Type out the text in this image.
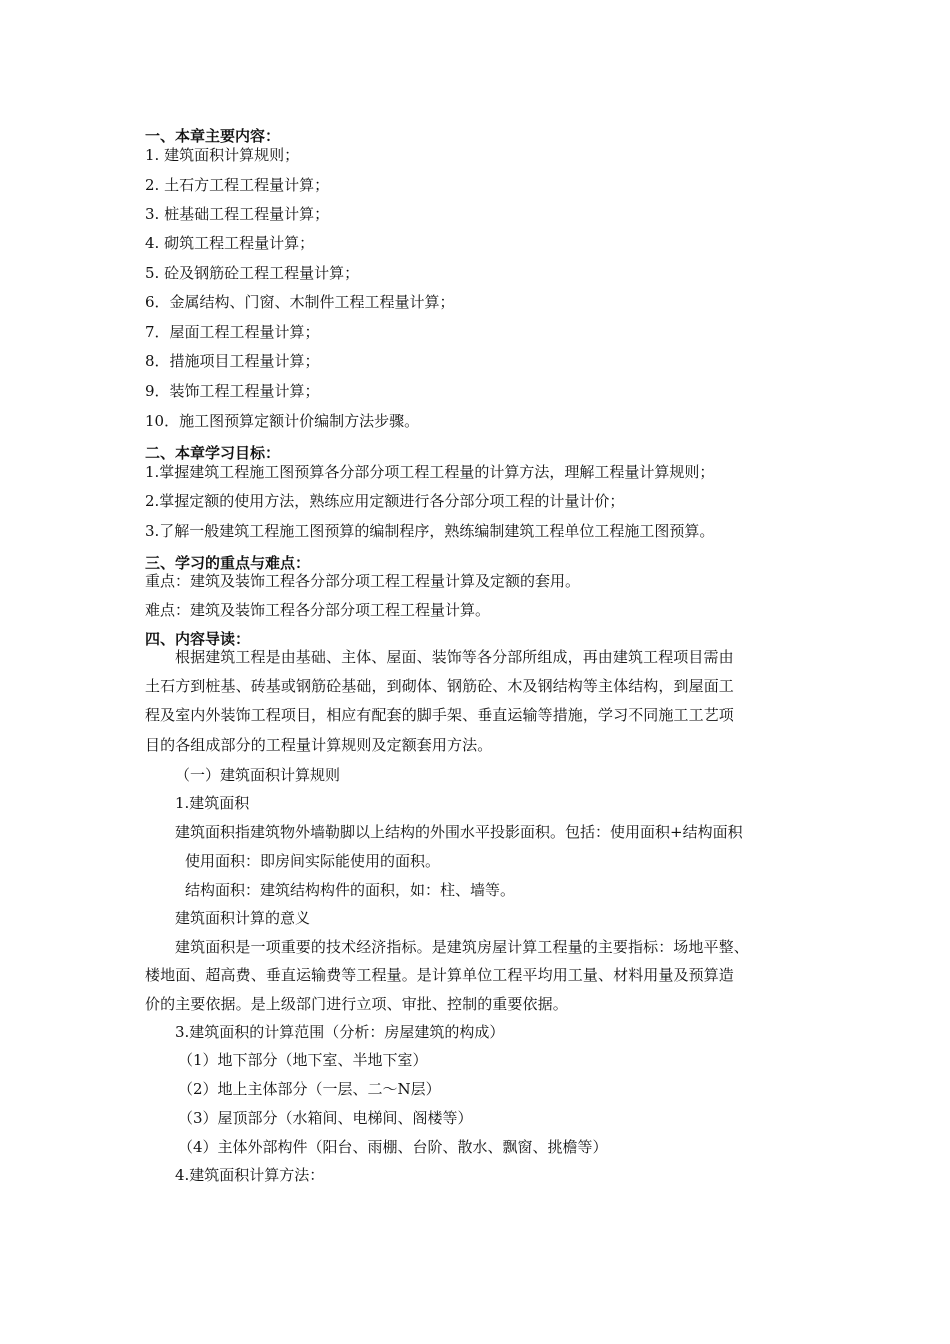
一、本章主要内容：
1. 建筑面积计算规则；
2. 土石方工程工程量计算；
3. 桩基础工程工程量计算；
4. 砌筑工程工程量计算；
5. 砼及钢筋砼工程工程量计算；
6．金属结构、门窗、木制件工程工程量计算；
7．屋面工程工程量计算；
8．措施项目工程量计算；
9．装饰工程工程量计算；
10．施工图预算定额计价编制方法步骤。
二、本章学习目标：
1.掌握建筑工程施工图预算各分部分项工程工程量的计算方法，理解工程量计算规则；
2.掌握定额的使用方法，熟练应用定额进行各分部分项工程的计量计价；
3.了解一般建筑工程施工图预算的编制程序，熟练编制建筑工程单位工程施工图预算。
三、学习的重点与难点：
重点：建筑及装饰工程各分部分项工程工程量计算及定额的套用。
难点：建筑及装饰工程各分部分项工程工程量计算。
四、内容导读：
根据建筑工程是由基础、主体、屋面、装饰等各分部所组成，再由建筑工程项目需由
土石方到桩基、砖基或钢筋砼基础，到砌体、钢筋砼、木及钢结构等主体结构，到屋面工
程及室内外装饰工程项目，相应有配套的脚手架、垂直运输等措施，学习不同施工工艺项
目的各组成部分的工程量计算规则及定额套用方法。
（一）建筑面积计算规则
1.建筑面积
建筑面积指建筑物外墙勒脚以上结构的外围水平投影面积。包括：使用面积+结构面积
使用面积：即房间实际能使用的面积。
结构面积：建筑结构构件的面积，如：柱、墙等。
建筑面积计算的意义
建筑面积是一项重要的技术经济指标。是建筑房屋计算工程量的主要指标：场地平整、
楼地面、超高费、垂直运输费等工程量。是计算单位工程平均用工量、材料用量及预算造
价的主要依据。是上级部门进行立项、审批、控制的重要依据。
3.建筑面积的计算范围（分析：房屋建筑的构成）
（1）地下部分（地下室、半地下室）
（2）地上主体部分（一层、二～N层）
（3）屋顶部分（水箱间、电梯间、阁楼等）
（4）主体外部构件（阳台、雨棚、台阶、散水、飘窗、挑檐等）
4.建筑面积计算方法：
